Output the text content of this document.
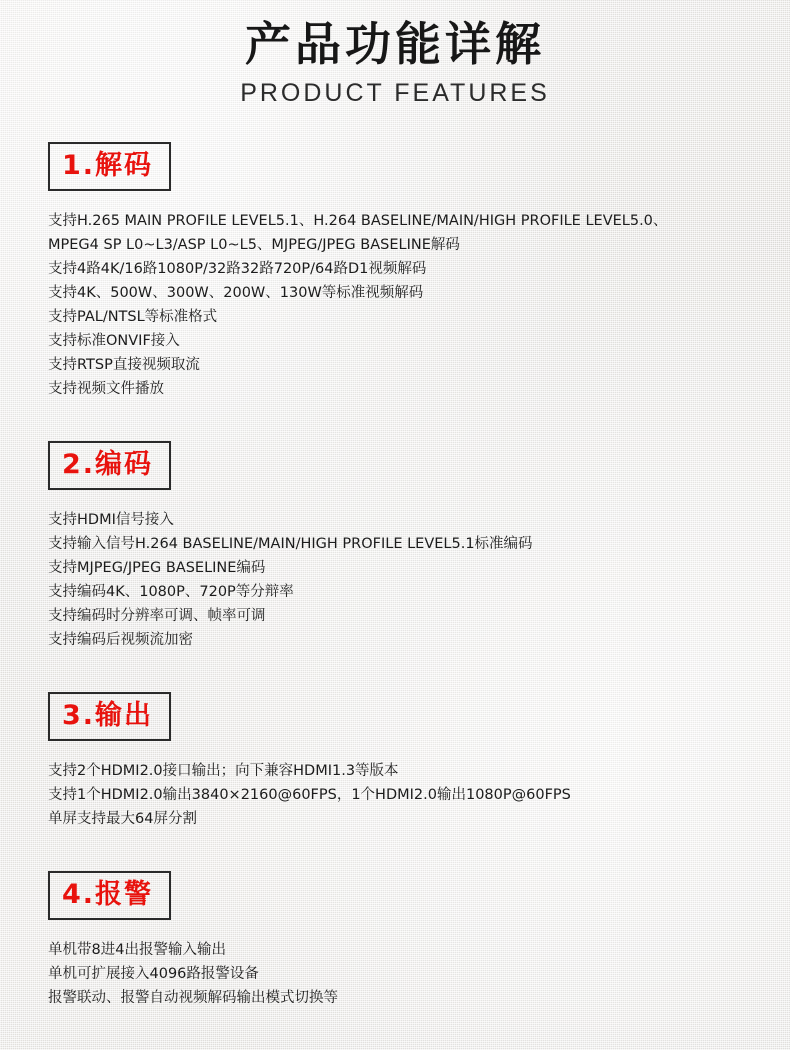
产品功能详解
PRODUCT FEATURES
1.解码
支持H.265 MAIN PROFILE LEVEL5.1、H.264 BASELINE/MAIN/HIGH PROFILE LEVEL5.0、
MPEG4 SP L0~L3/ASP L0~L5、MJPEG/JPEG BASELINE解码
支持4路4K/16路1080P/32路32路720P/64路D1视频解码
支持4K、500W、300W、200W、130W等标准视频解码
支持PAL/NTSL等标准格式
支持标准ONVIF接入
支持RTSP直接视频取流
支持视频文件播放
2.编码
支持HDMI信号接入
支持输入信号H.264 BASELINE/MAIN/HIGH PROFILE LEVEL5.1标准编码
支持MJPEG/JPEG BASELINE编码
支持编码4K、1080P、720P等分辩率
支持编码时分辨率可调、帧率可调
支持编码后视频流加密
3.输出
支持2个HDMI2.0接口输出；向下兼容HDMI1.3等版本
支持1个HDMI2.0输出3840×2160@60FPS，1个HDMI2.0输出1080P@60FPS
单屏支持最大64屏分割
4.报警
单机带8进4出报警输入输出
单机可扩展接入4096路报警设备
报警联动、报警自动视频解码输出模式切换等
